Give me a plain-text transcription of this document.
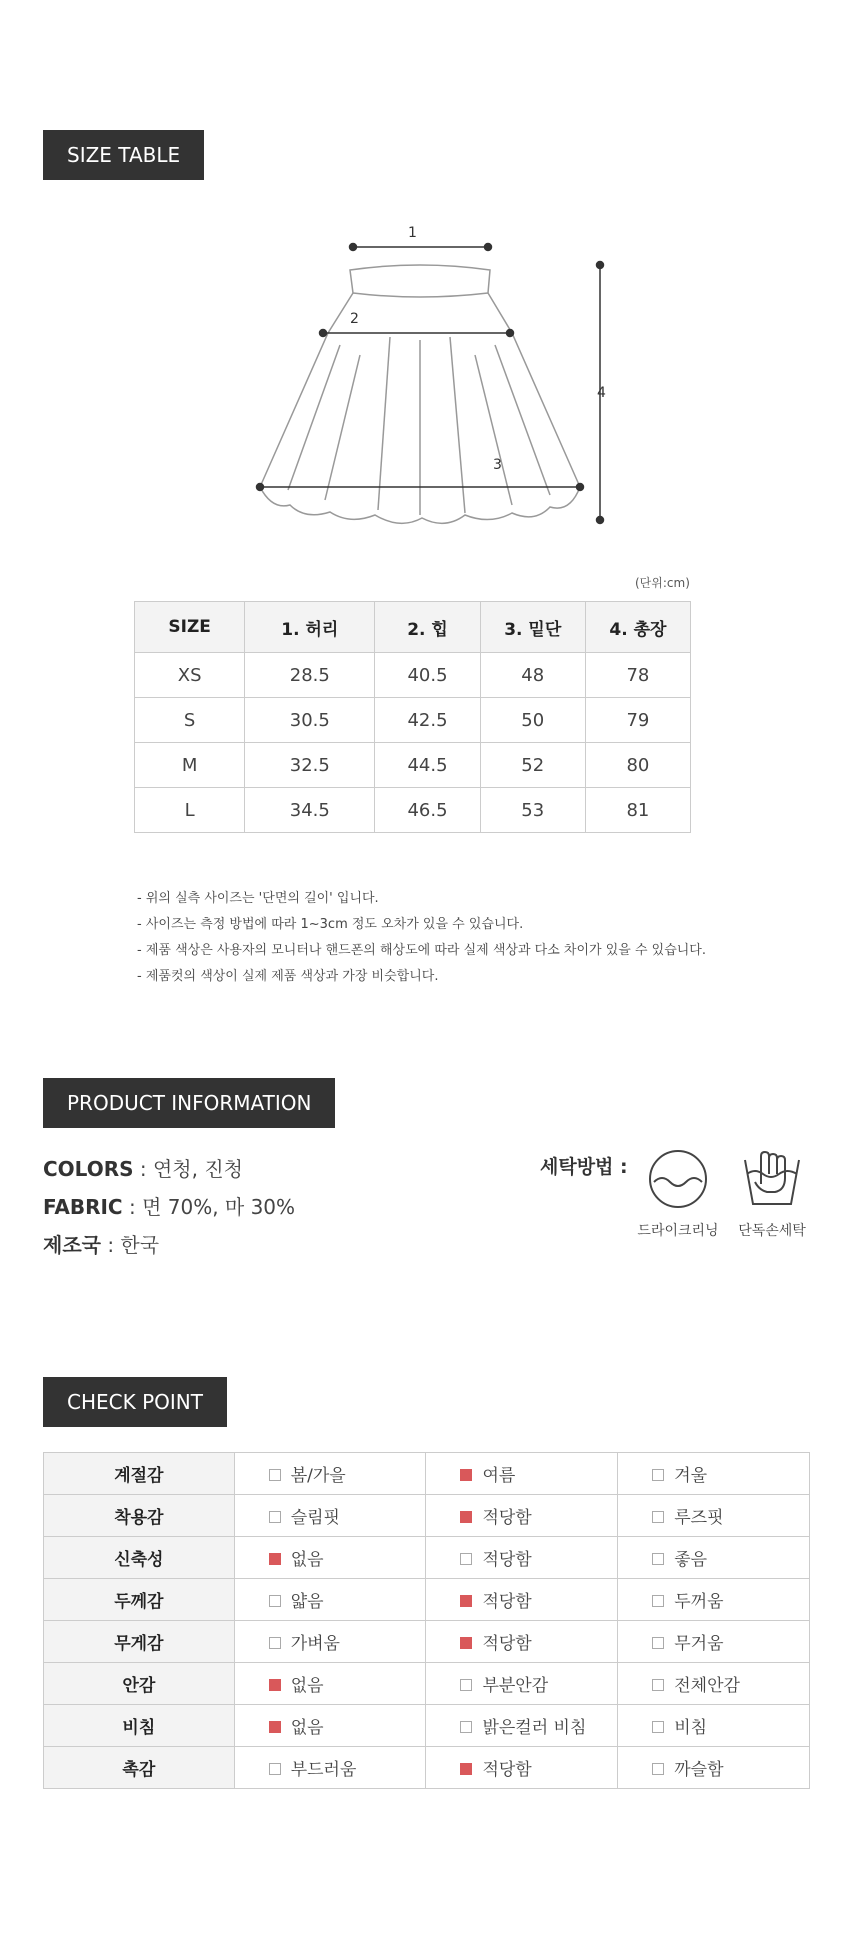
SIZE TABLE
1
2
3
4
(단위:cm)
SIZE	1. 허리	2. 힙	3. 밑단	4. 총장
XS	28.5	40.5	48	78
S	30.5	42.5	50	79
M	32.5	44.5	52	80
L	34.5	46.5	53	81
- 위의 실측 사이즈는 '단면의 길이' 입니다.
- 사이즈는 측정 방법에 따라 1~3cm 정도 오차가 있을 수 있습니다.
- 제품 색상은 사용자의 모니터나 핸드폰의 해상도에 따라 실제 색상과 다소 차이가 있을 수 있습니다.
- 제품컷의 색상이 실제 제품 색상과 가장 비슷합니다.
PRODUCT INFORMATION
COLORS : 연청, 진청
FABRIC : 면 70%, 마 30%
제조국 : 한국
세탁방법 :
드라이크리닝	단독손세탁
CHECK POINT
계절감	봄/가을	여름	겨울
착용감	슬림핏	적당함	루즈핏
신축성	없음	적당함	좋음
두께감	얇음	적당함	두꺼움
무게감	가벼움	적당함	무거움
안감	없음	부분안감	전체안감
비침	없음	밝은컬러 비침	비침
촉감	부드러움	적당함	까슬함
